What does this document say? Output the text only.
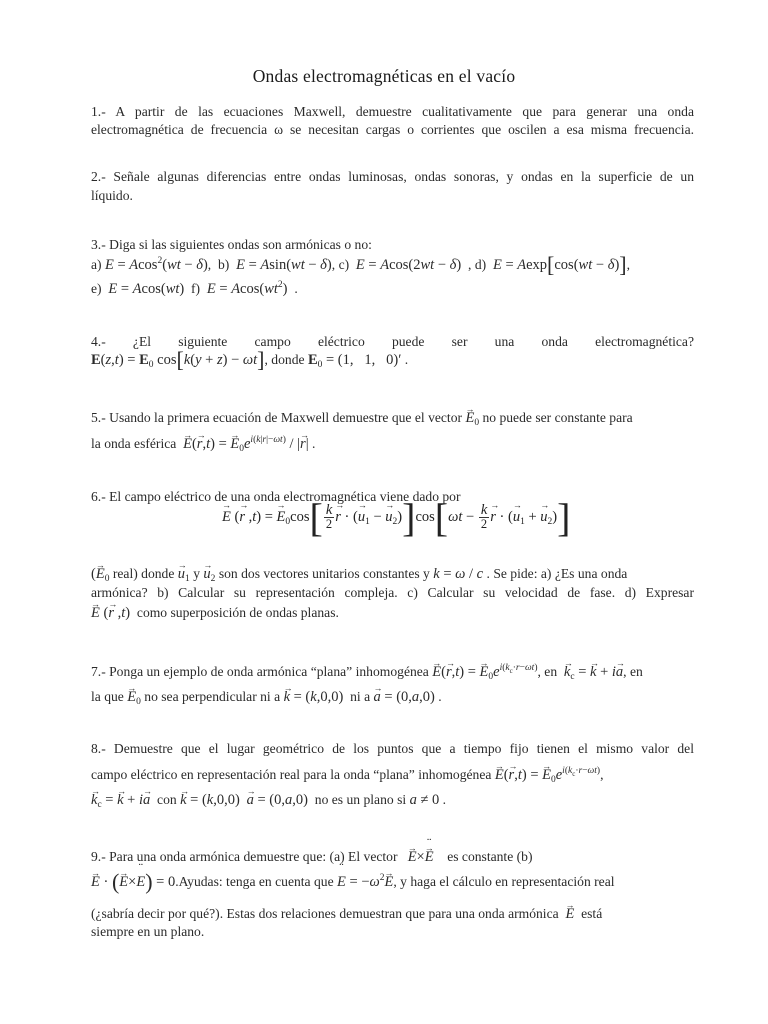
Ondas electromagnéticas en el vacío
1.- A partir de las ecuaciones Maxwell, demuestre cualitativamente que para generar una onda
electromagnética de frecuencia ω se necesitan cargas o corrientes que oscilen a esa misma frecuencia.
2.- Señale algunas diferencias entre ondas luminosas, ondas sonoras, y ondas en la superficie de un
líquido.
3.- Diga si las siguientes ondas son armónicas o no:
a) E = Acos$^2$(wt − δ),  b)  E = Asin(wt − δ), c)  E = Acos(2wt − δ)  , d)  E = Aexp[cos(wt − δ)],
e)  E = Acos(wt)  f)  $E = Acos(wt^2)$  .
4.- ¿El siguiente campo eléctrico puede ser una onda electromagnética?
$E(z,t) = E_0$ cos[k(y + z) − ωt], donde $E_0 = (1$,   1,   0)′ .
5.- Usando la primera ecuación de Maxwell demuestre que el vector → $E_0$ no puede ser constante para
la onda esférica  → E(→ r,t) = → $E_0e^{i(k|r|-\omega t)}$ / |→ r| .
6.- El campo eléctrico de una onda electromagnética viene dado por
→ E (→ r ,t) = → $E_0\cos[ \frac{k}{2}$
→ r · (→ $u_1$ − → $u_2)]\cos[\omega t - \frac{k}{2}$
→ r · (→ $u_1$ + → $u_2$)]
(→ $E_0$ real) donde → $u_1$ $y \to u_2$ son dos vectores unitarios constantes y k = ω / c . Se pide: a) ¿Es una onda
armónica? b) Calcular su representación compleja. c) Calcular su velocidad de fase. d) Expresar
→ E (→ r ,t) como superposición de ondas planas.
7.- Ponga un ejemplo de onda armónica “plana” inhomogénea → E(→ r,t) = → $E_0e^{i(k_c\cdot r-\omega t)}$, en  → $k_c$ = → k + i→ a, en
la que → $E_0$ no sea perpendicular ni a → k = (k,0,0) ni a → a = (0,a,0) .
8.- Demuestre que el lugar geométrico de los puntos que a tiempo fijo tienen el mismo valor del
campo eléctrico en representación real para la onda “plana” inhomogénea → E(→ r,t) = → $E_0e^{i(k_c\cdot r-\omega t)}$,
→ $k_c$ = → k + i→ a con → k = (k,0,0)  → a = (0,a,0) no es un plano si a ≠ 0 .
9.- Para una onda armónica demuestre que: (a) El vector   → E×→ E ¨ es constante (b)
→ E · (→ E×E ¨) = 0.Ayudas: tenga en cuenta que E ¨ = $-\omega^2\to E$, y haga el cálculo en representación real
(¿sabría decir por qué?). Estas dos relaciones demuestran que para una onda armónica  → E está
siempre en un plano.
